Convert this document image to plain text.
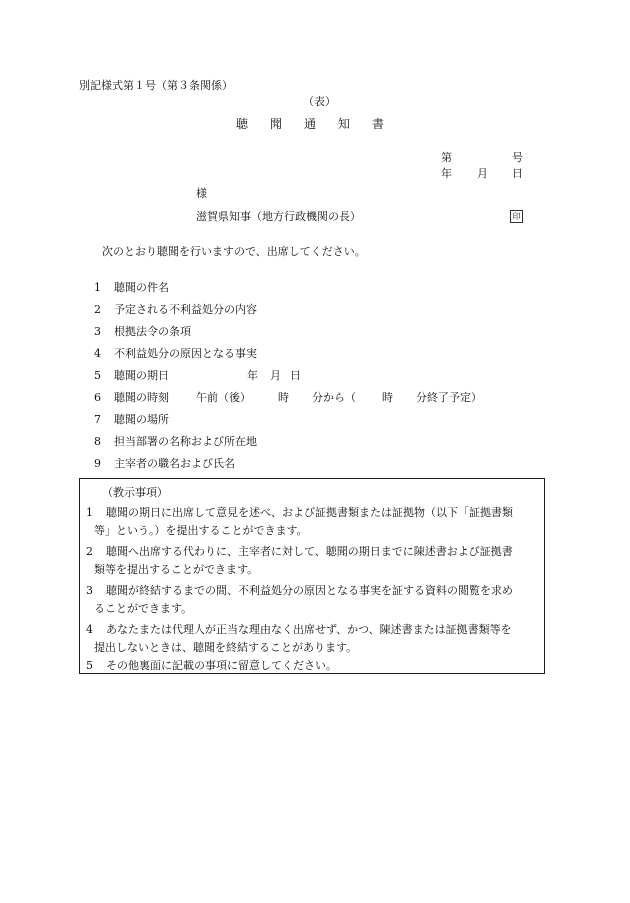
別記様式第１号（第３条関係）
（表）
聴聞通知書
第	号
年 月 日
様
滋賀県知事（地方行政機関の長）	印
次のとおり聴聞を行いますので、出席してください。
1 聴聞の件名
2 予定される不利益処分の内容
3 根拠法令の条項
4 不利益処分の原因となる事実
5 聴聞の期日	年 月 日
6 聴聞の時刻 午前（後） 時 分から（ 時 分終了予定）
7 聴聞の場所
8 担当部署の名称および所在地
9 主宰者の職名および氏名
（教示事項）
1 聴聞の期日に出席して意見を述べ、および証拠書類または証拠物（以下「証拠書類
等」という。）を提出することができます。
2 聴聞へ出席する代わりに、主宰者に対して、聴聞の期日までに陳述書および証拠書
類等を提出することができます。
3 聴聞が終結するまでの間、不利益処分の原因となる事実を証する資料の閲覧を求め
ることができます。
4 あなたまたは代理人が正当な理由なく出席せず、かつ、陳述書または証拠書類等を
提出しないときは、聴聞を終結することがあります。
5 その他裏面に記載の事項に留意してください。
